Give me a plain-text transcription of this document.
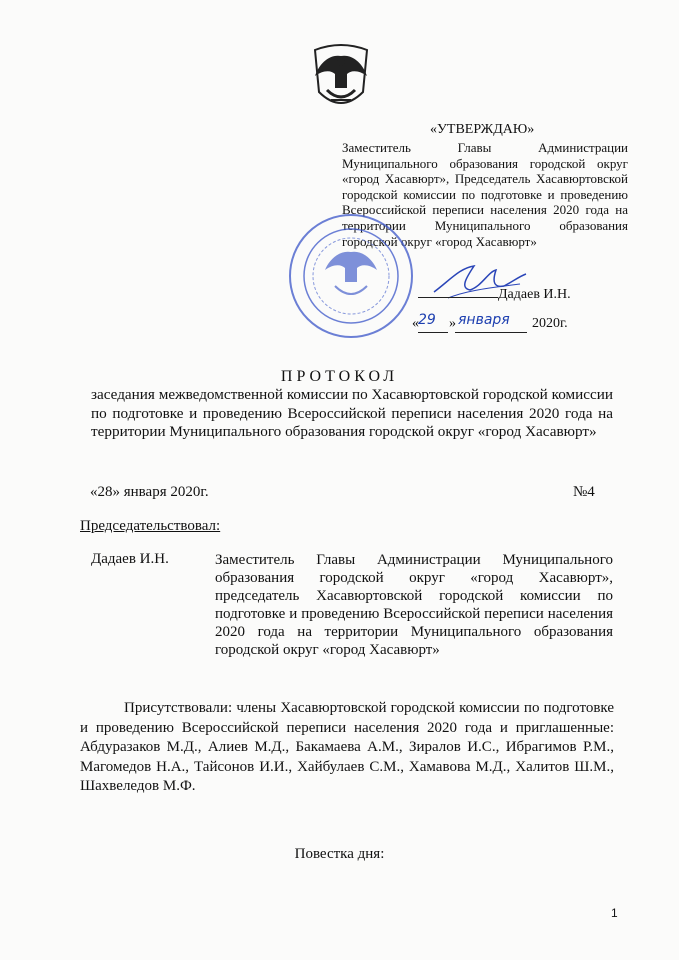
«УТВЕРЖДАЮ»
Заместитель Главы Администрации Муниципального образования городской округ «город Хасавюрт», Председатель Хасавюртовской городской комиссии по подготовке и проведению Всероссийской переписи населения 2020 года на территории Муниципального образования городской округ «город Хасавюрт»
Дадаев И.Н.
« »	2020г.
29 января
ПРОТОКОЛ
заседания межведомственной комиссии по Хасавюртовской городской комиссии по подготовке и проведению Всероссийской переписи населения 2020 года на территории Муниципального образования городской округ «город Хасавюрт»
«28» января 2020г.	№4
Председательствовал:
Дадаев И.Н.	Заместитель Главы Администрации Муниципального образования городской округ «город Хасавюрт», председатель Хасавюртовской городской комиссии по подготовке и проведению Всероссийской переписи населения 2020 года на территории Муниципального образования городской округ «город Хасавюрт»
Присутствовали: члены Хасавюртовской городской комиссии по подготовке и проведению Всероссийской переписи населения 2020 года и приглашенные: Абдуразаков М.Д., Алиев М.Д., Бакамаева А.М., Зиралов И.С., Ибрагимов Р.М., Магомедов Н.А., Тайсонов И.И., Хайбулаев С.М., Хамавова М.Д., Халитов Ш.М., Шахвеледов М.Ф.
Повестка дня:
1
